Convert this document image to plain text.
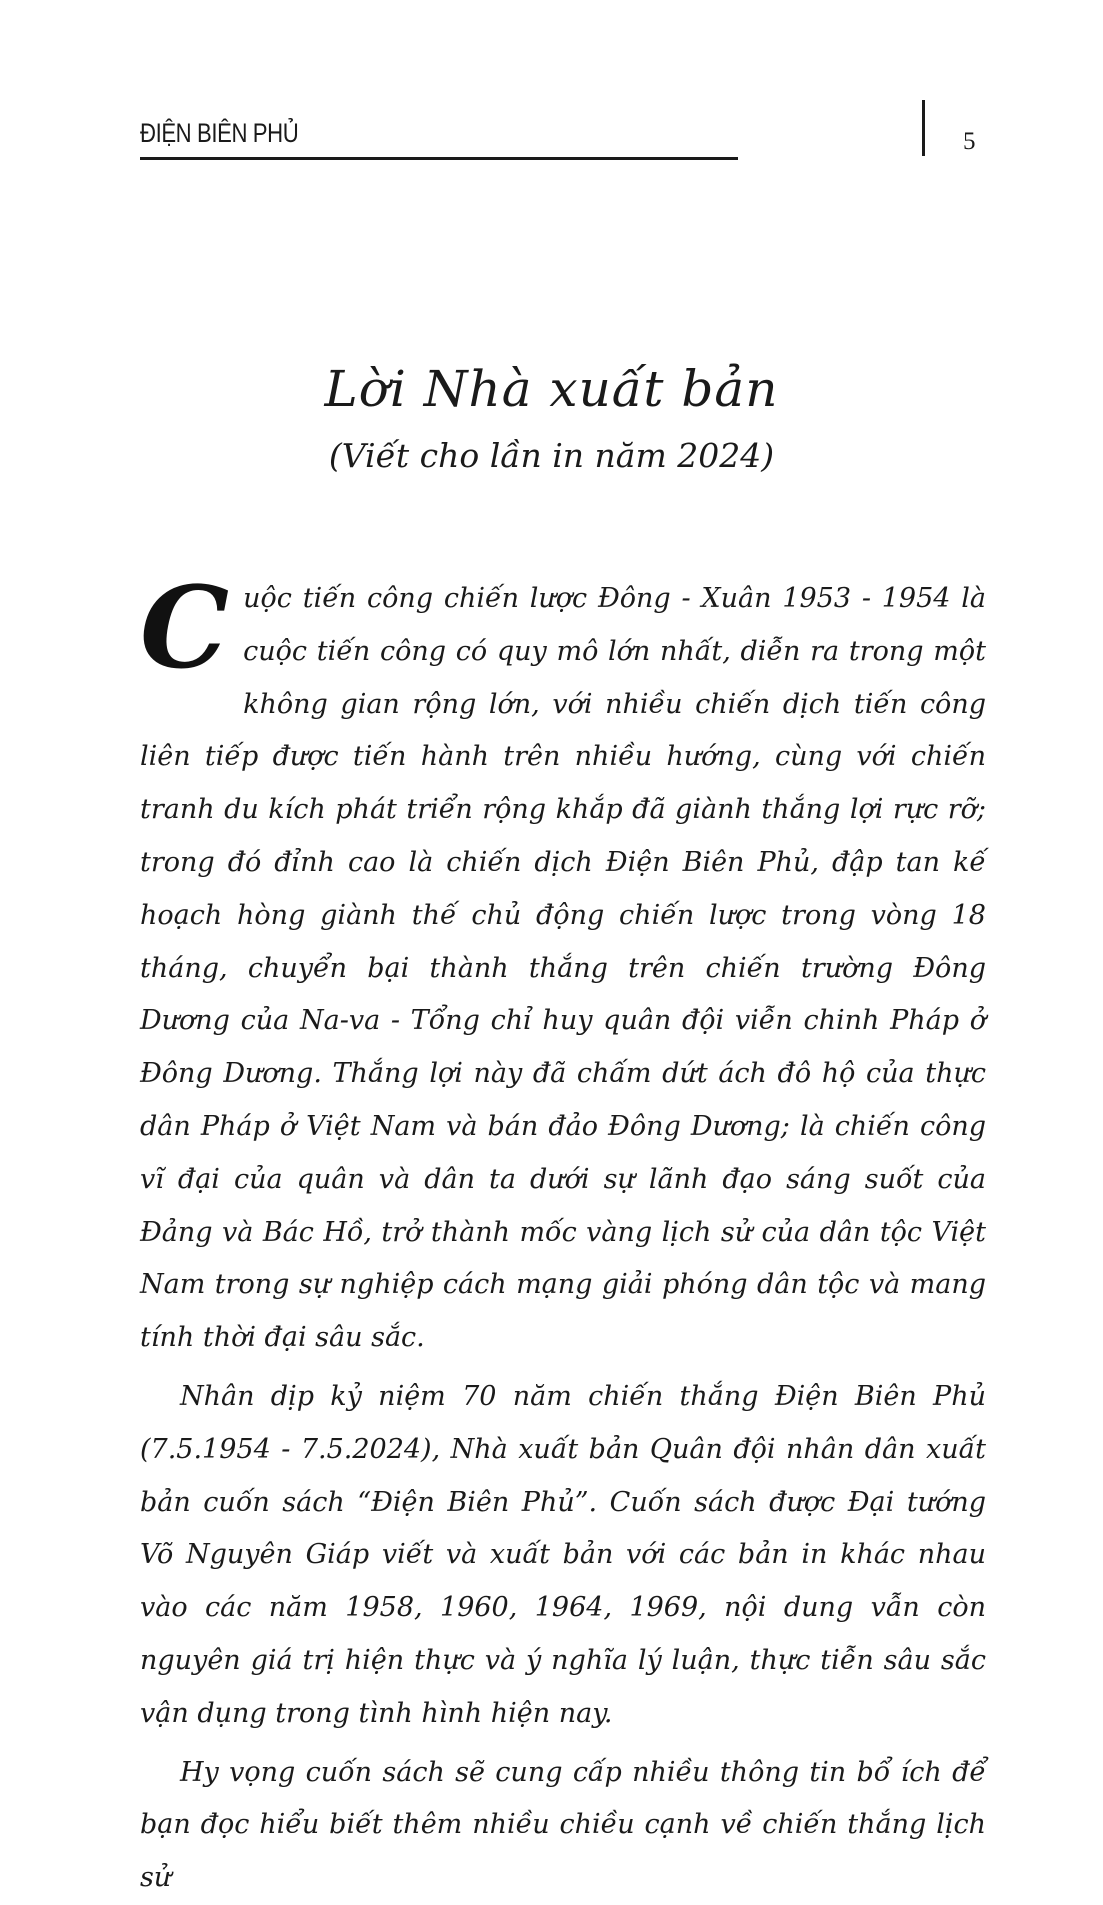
ĐIỆN BIÊN PHỦ	5
Lời Nhà xuất bản
(Viết cho lần in năm 2024)

Cuộc tiến công chiến lược Đông - Xuân 1953 - 1954 là cuộc tiến công có quy mô lớn nhất, diễn ra trong một không gian rộng lớn, với nhiều chiến dịch tiến công liên tiếp được tiến hành trên nhiều hướng, cùng với chiến tranh du kích phát triển rộng khắp đã giành thắng lợi rực rỡ; trong đó đỉnh cao là chiến dịch Điện Biên Phủ, đập tan kế hoạch hòng giành thế chủ động chiến lược trong vòng 18 tháng, chuyển bại thành thắng trên chiến trường Đông Dương của Na-va - Tổng chỉ huy quân đội viễn chinh Pháp ở Đông Dương. Thắng lợi này đã chấm dứt ách đô hộ của thực dân Pháp ở Việt Nam và bán đảo Đông Dương; là chiến công vĩ đại của quân và dân ta dưới sự lãnh đạo sáng suốt của Đảng và Bác Hồ, trở thành mốc vàng lịch sử của dân tộc Việt Nam trong sự nghiệp cách mạng giải phóng dân tộc và mang tính thời đại sâu sắc.

Nhân dịp kỷ niệm 70 năm chiến thắng Điện Biên Phủ (7.5.1954 - 7.5.2024), Nhà xuất bản Quân đội nhân dân xuất bản cuốn sách “Điện Biên Phủ”. Cuốn sách được Đại tướng Võ Nguyên Giáp viết và xuất bản với các bản in khác nhau vào các năm 1958, 1960, 1964, 1969, nội dung vẫn còn nguyên giá trị hiện thực và ý nghĩa lý luận, thực tiễn sâu sắc vận dụng trong tình hình hiện nay.

Hy vọng cuốn sách sẽ cung cấp nhiều thông tin bổ ích để bạn đọc hiểu biết thêm nhiều chiều cạnh về chiến thắng lịch sử
